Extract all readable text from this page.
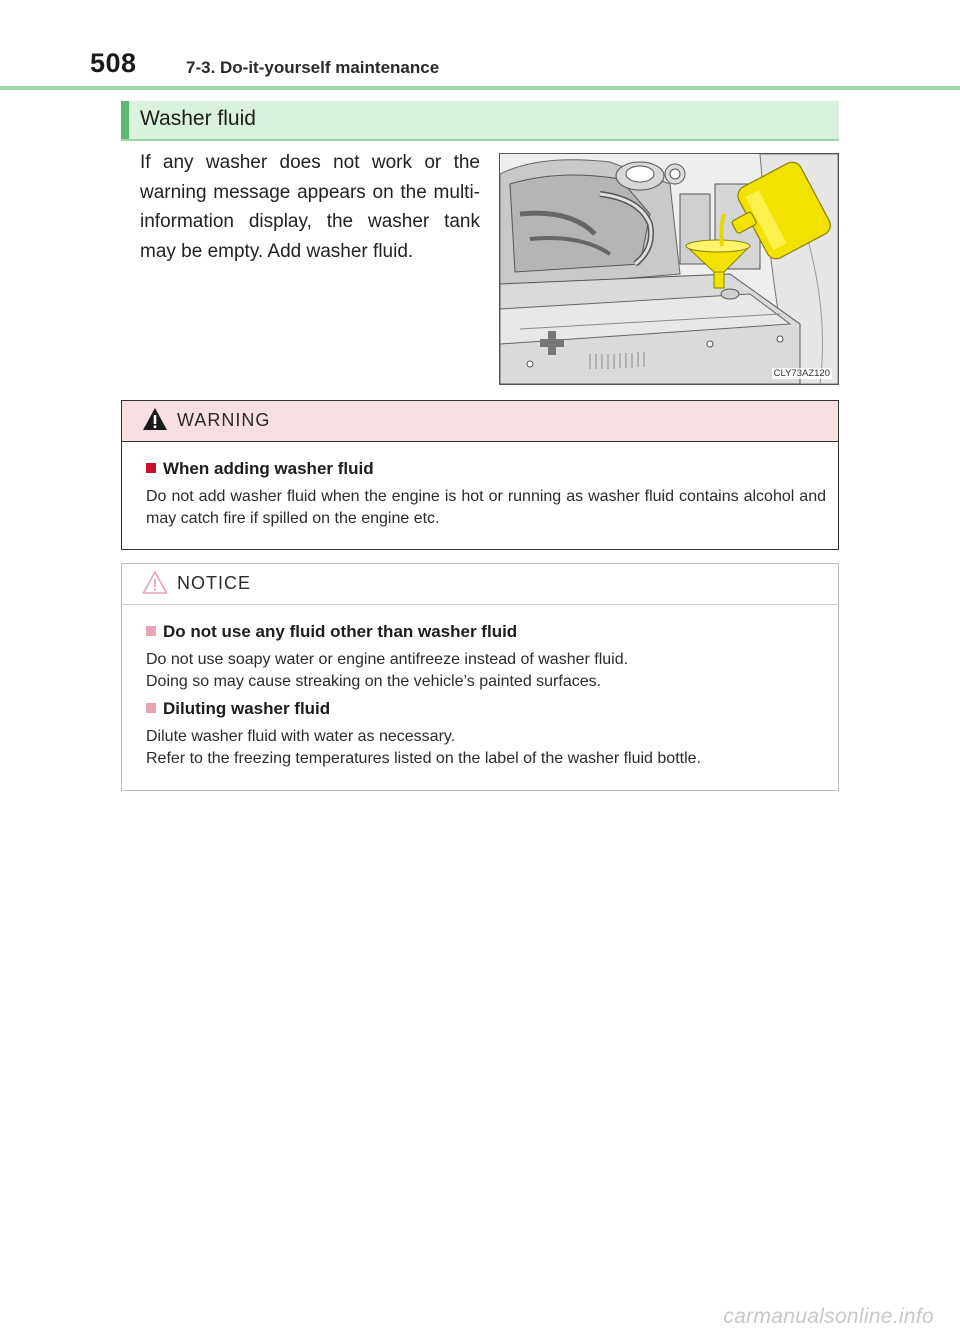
508	7-3. Do-it-yourself maintenance
Washer fluid
If any washer does not work or the warning message appears on the multi-information display, the washer tank may be empty. Add washer fluid.
CLY73AZ120
WARNING
When adding washer fluid
Do not add washer fluid when the engine is hot or running as washer fluid contains alcohol and may catch fire if spilled on the engine etc.
NOTICE
Do not use any fluid other than washer fluid
Do not use soapy water or engine antifreeze instead of washer fluid.
Doing so may cause streaking on the vehicle’s painted surfaces.
Diluting washer fluid
Dilute washer fluid with water as necessary.
Refer to the freezing temperatures listed on the label of the washer fluid bottle.
carmanualsonline.info
